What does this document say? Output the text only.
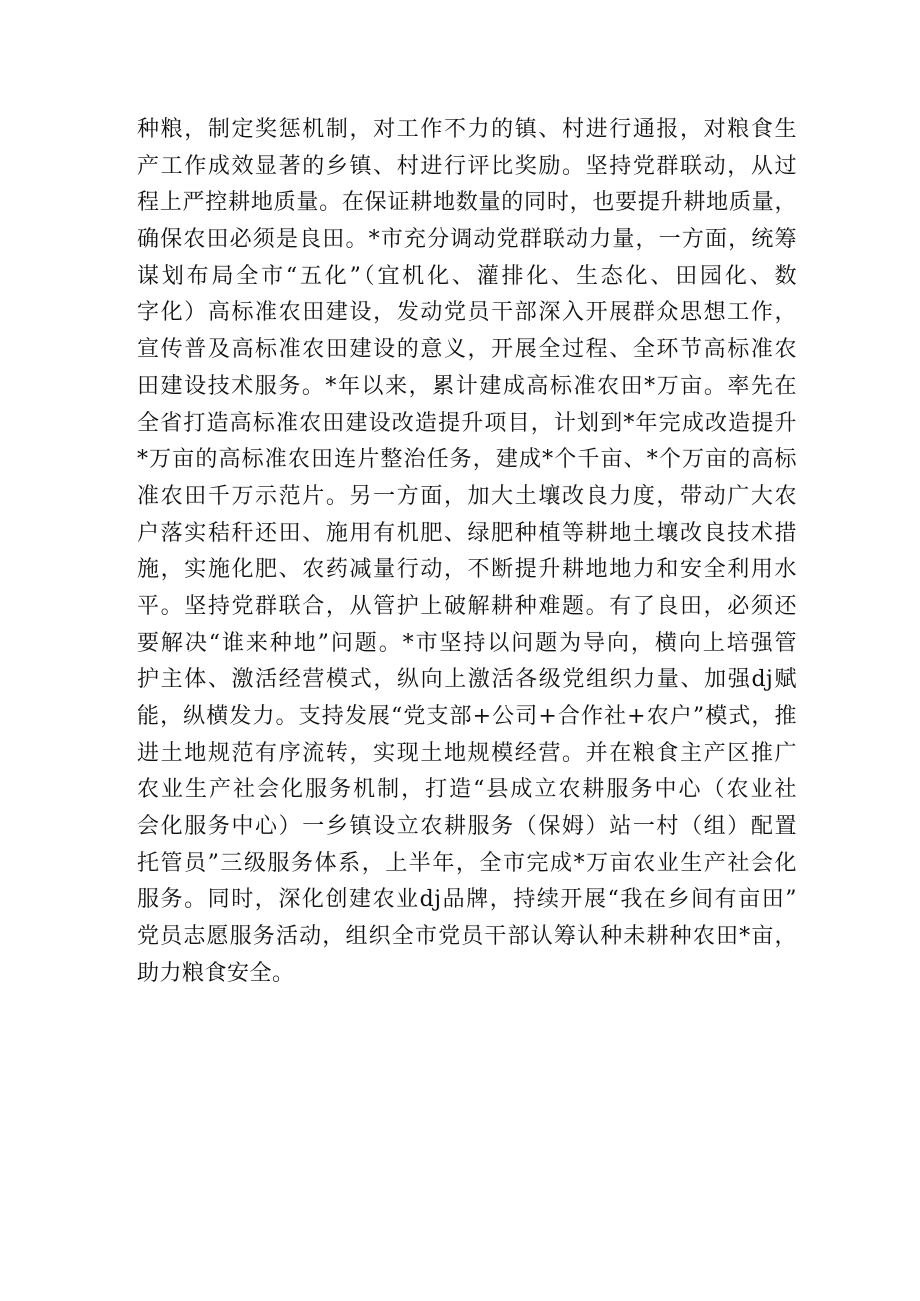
种粮，制定奖惩机制，对工作不力的镇、村进行通报，对粮食生
产工作成效显著的乡镇、村进行评比奖励。坚持党群联动，从过
程上严控耕地质量。在保证耕地数量的同时，也要提升耕地质量，
确保农田必须是良田。*市充分调动党群联动力量，一方面，统筹
谋划布局全市“五化”（宜机化、灌排化、生态化、田园化、数
字化）高标准农田建设，发动党员干部深入开展群众思想工作，
宣传普及高标准农田建设的意义，开展全过程、全环节高标准农
田建设技术服务。*年以来，累计建成高标准农田*万亩。率先在
全省打造高标准农田建设改造提升项目，计划到*年完成改造提升
*万亩的高标准农田连片整治任务，建成*个千亩、*个万亩的高标
准农田千万示范片。另一方面，加大土壤改良力度，带动广大农
户落实秸秆还田、施用有机肥、绿肥种植等耕地土壤改良技术措
施，实施化肥、农药减量行动，不断提升耕地地力和安全利用水
平。坚持党群联合，从管护上破解耕种难题。有了良田，必须还
要解决“谁来种地”问题。*市坚持以问题为导向，横向上培强管
护主体、激活经营模式，纵向上激活各级党组织力量、加强dj赋
能，纵横发力。支持发展“党支部+公司+合作社+农户”模式，推
进土地规范有序流转，实现土地规模经营。并在粮食主产区推广
农业生产社会化服务机制，打造“县成立农耕服务中心（农业社
会化服务中心）一乡镇设立农耕服务（保姆）站一村（组）配置
托管员”三级服务体系，上半年，全市完成*万亩农业生产社会化
服务。同时，深化创建农业dj品牌，持续开展“我在乡间有亩田”
党员志愿服务活动，组织全市党员干部认筹认种未耕种农田*亩，
助力粮食安全。
